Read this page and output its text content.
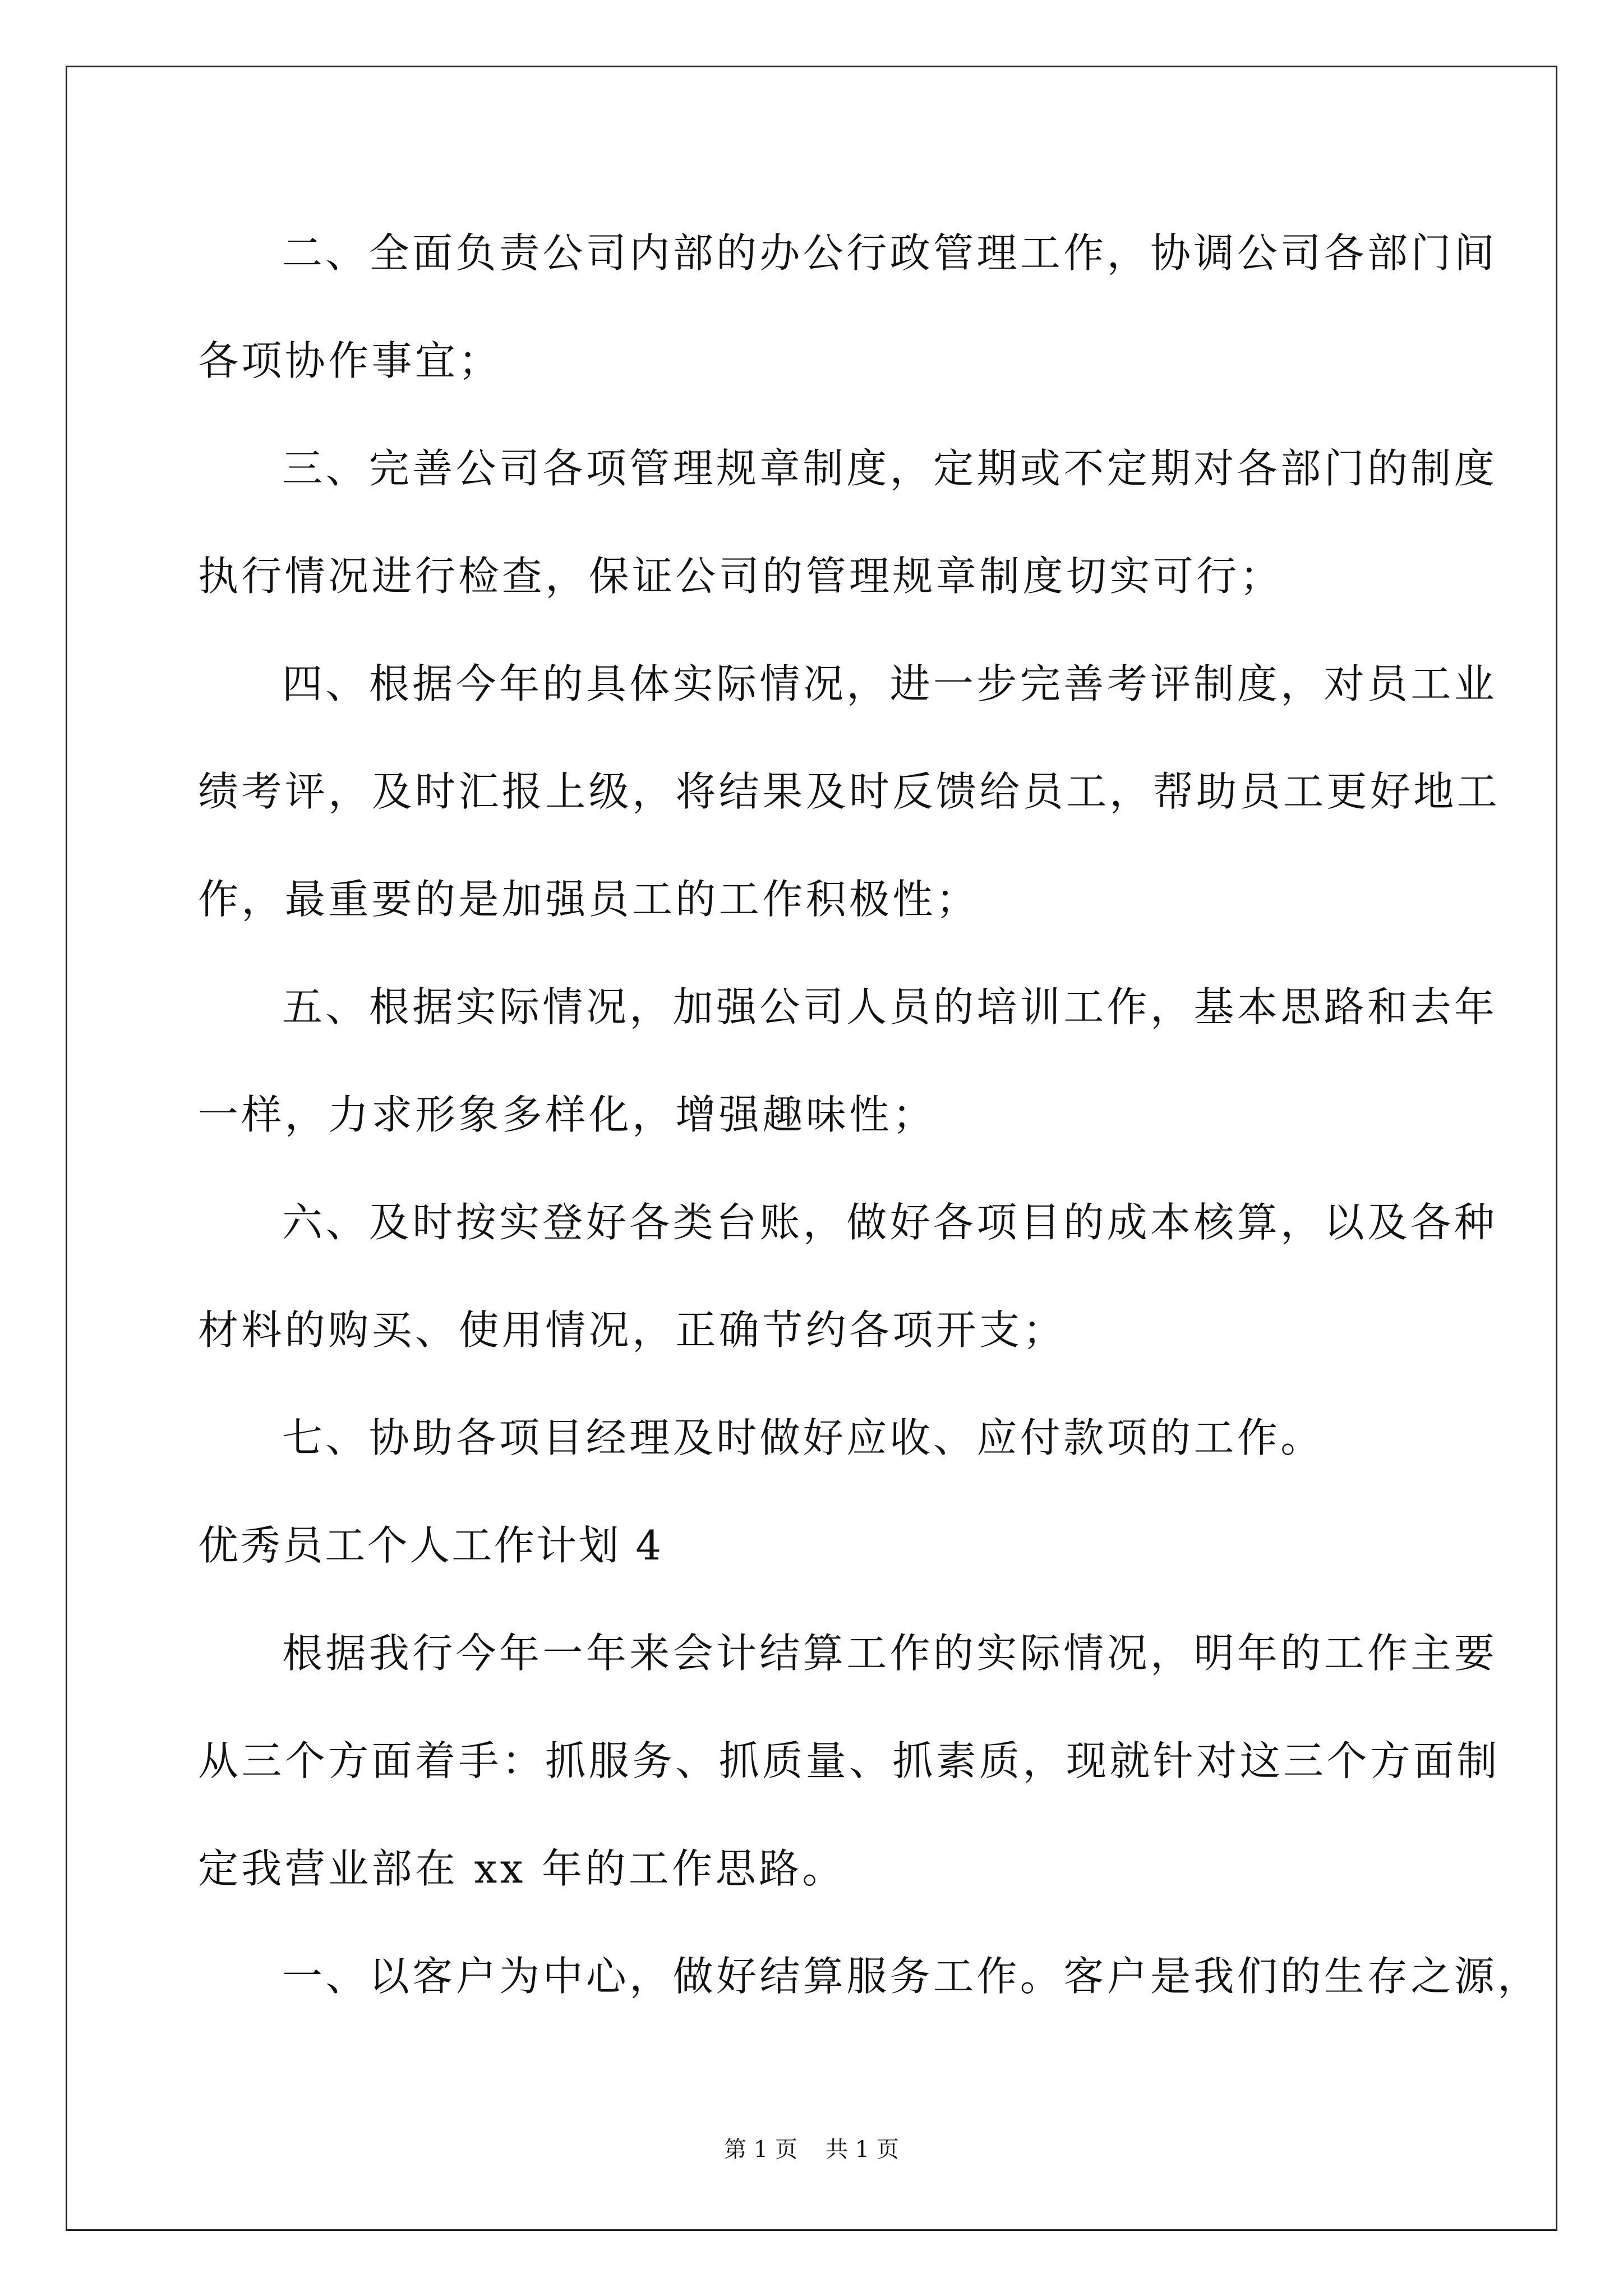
二、全面负责公司内部的办公行政管理工作，协调公司各部门间
各项协作事宜；
三、完善公司各项管理规章制度，定期或不定期对各部门的制度
执行情况进行检查，保证公司的管理规章制度切实可行；
四、根据今年的具体实际情况，进一步完善考评制度，对员工业
绩考评，及时汇报上级，将结果及时反馈给员工，帮助员工更好地工
作，最重要的是加强员工的工作积极性；
五、根据实际情况，加强公司人员的培训工作，基本思路和去年
一样，力求形象多样化，增强趣味性；
六、及时按实登好各类台账，做好各项目的成本核算，以及各种
材料的购买、使用情况，正确节约各项开支；
七、协助各项目经理及时做好应收、应付款项的工作。
优秀员工个人工作计划 4
根据我行今年一年来会计结算工作的实际情况，明年的工作主要
从三个方面着手：抓服务、抓质量、抓素质，现就针对这三个方面制
定我营业部在 xx 年的工作思路。
一、以客户为中心，做好结算服务工作。客户是我们的生存之源，
第 1 页 共 1 页
